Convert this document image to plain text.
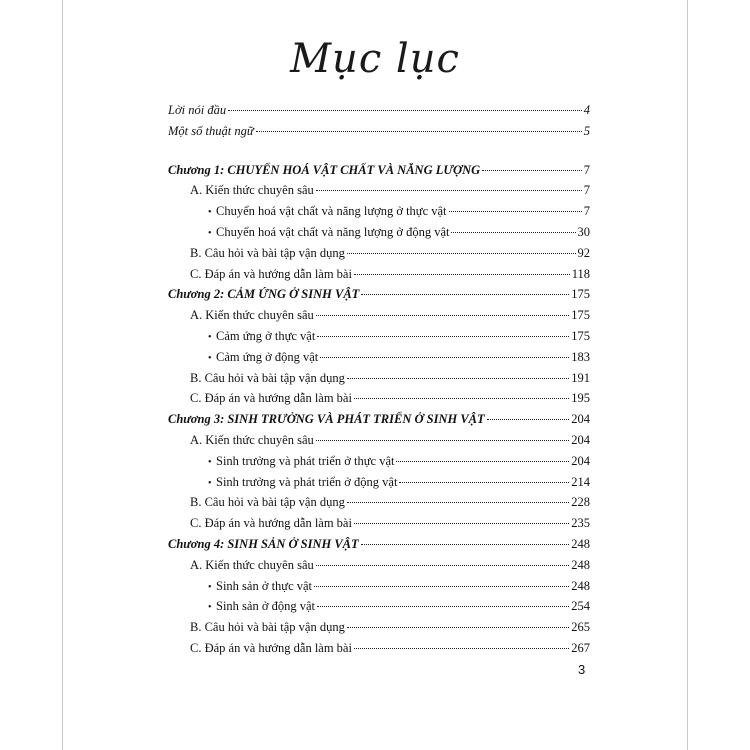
Mục lục
Lời nói đầu	4
Một số thuật ngữ	5
Chương 1: CHUYỂN HOÁ VẬT CHẤT VÀ NĂNG LƯỢNG	7
A. Kiến thức chuyên sâu	7
• Chuyển hoá vật chất và năng lượng ở thực vật	7
• Chuyển hoá vật chất và năng lượng ở động vật	30
B. Câu hỏi và bài tập vận dụng	92
C. Đáp án và hướng dẫn làm bài	118
Chương 2: CẢM ỨNG Ở SINH VẬT	175
A. Kiến thức chuyên sâu	175
• Cảm ứng ở thực vật	175
• Cảm ứng ở động vật	183
B. Câu hỏi và bài tập vận dụng	191
C. Đáp án và hướng dẫn làm bài	195
Chương 3: SINH TRƯỞNG VÀ PHÁT TRIỂN Ở SINH VẬT	204
A. Kiến thức chuyên sâu	204
• Sinh trưởng và phát triển ở thực vật	204
• Sinh trưởng và phát triển ở động vật	214
B. Câu hỏi và bài tập vận dụng	228
C. Đáp án và hướng dẫn làm bài	235
Chương 4: SINH SẢN Ở SINH VẬT	248
A. Kiến thức chuyên sâu	248
• Sinh sản ở thực vật	248
• Sinh sản ở động vật	254
B. Câu hỏi và bài tập vận dụng	265
C. Đáp án và hướng dẫn làm bài	267
3
